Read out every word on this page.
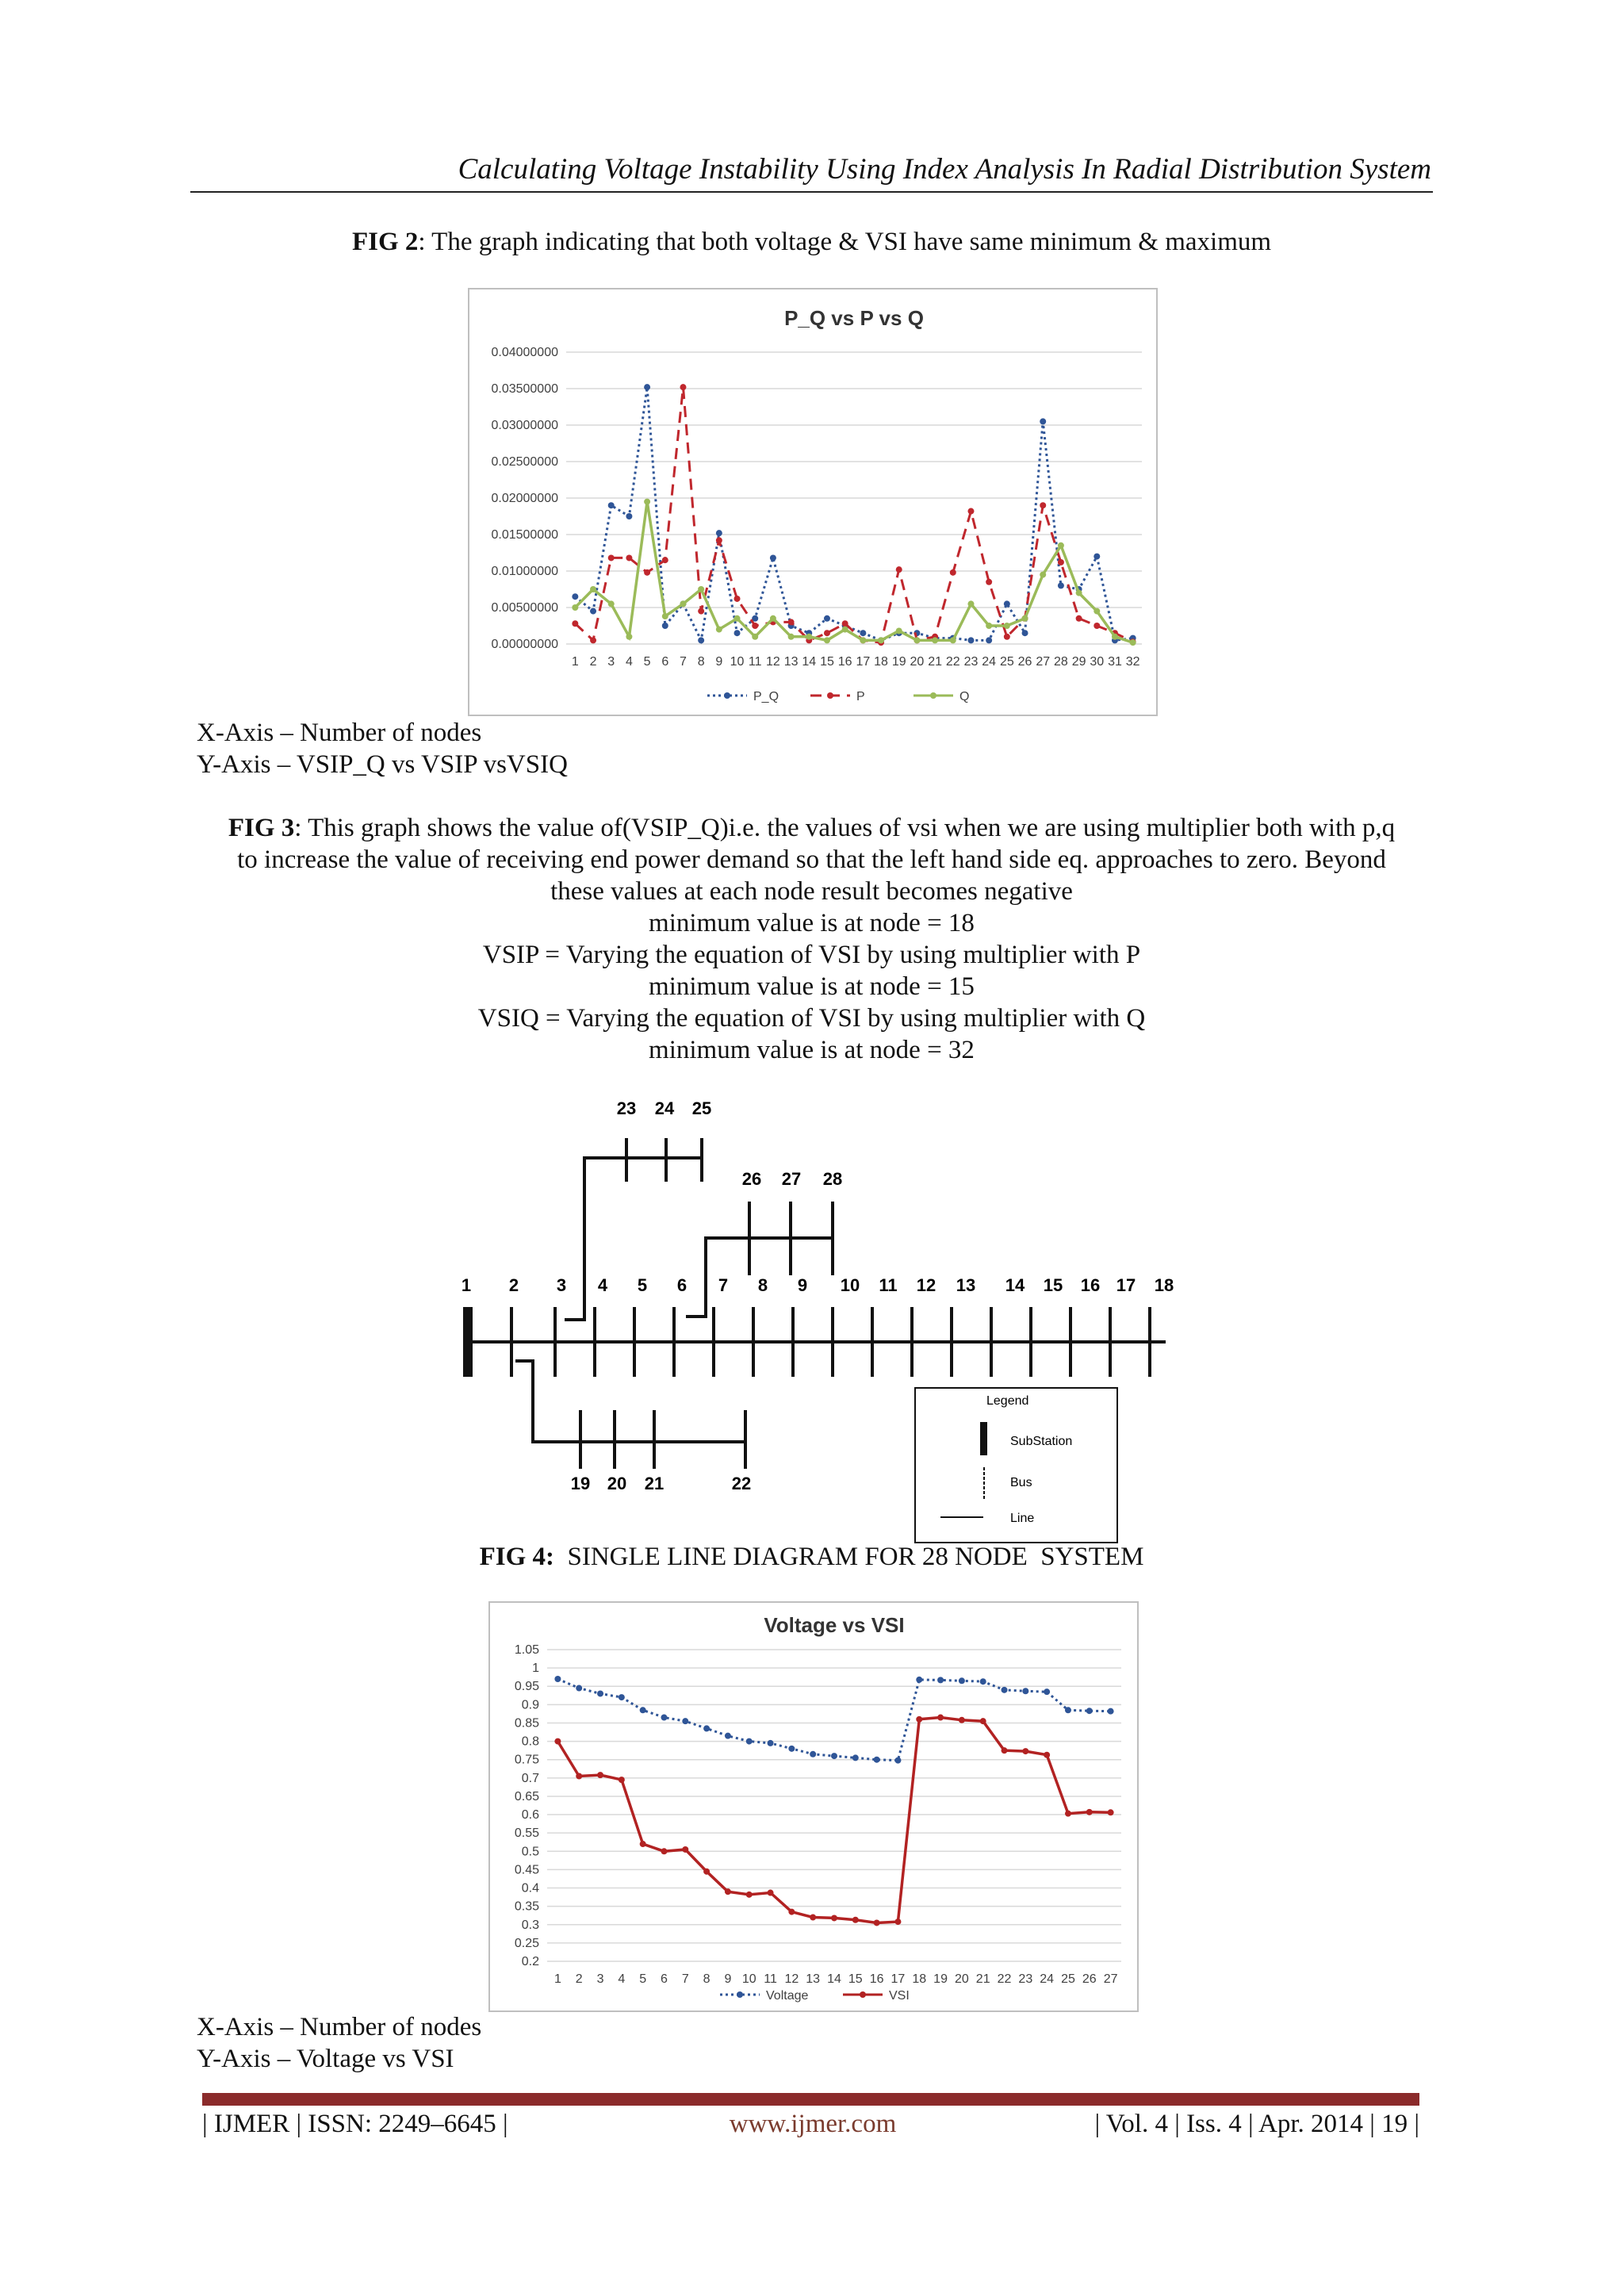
Calculating Voltage Instability Using Index Analysis In Radial Distribution System
FIG 2: The graph indicating that both voltage & VSI have same minimum & maximum
P_Q vs P vs Q
0.00000000
0.00500000
0.01000000
0.01500000
0.02000000
0.02500000
0.03000000
0.03500000
0.04000000
1 2 3 4 5 6 7 8 9 10 11 12 13 14 15 16 17 18 19 20 21 22 23 24 25 26 27 28 29 30 31 32
P_Q	P	Q
X-Axis – Number of nodes
Y-Axis – VSIP_Q vs VSIP vsVSIQ
FIG 3: This graph shows the value of(VSIP_Q)i.e. the values of vsi when we are using multiplier both with p,q
to increase the value of receiving end power demand so that the left hand side eq. approaches to zero. Beyond
these values at each node result becomes negative
minimum value is at node = 18
VSIP = Varying the equation of VSI by using multiplier with P
minimum value is at node = 15
VSIQ = Varying the equation of VSI by using multiplier with Q
minimum value is at node = 32
1 2 3 4 5 6 7 8 9 10 11 12 13 14 15 16 17 18
23 24 25
26 27 28
19 20 21	22
Legend
SubStation
Bus
Line
FIG 4:  SINGLE LINE DIAGRAM FOR 28 NODE  SYSTEM
Voltage vs VSI
0.2
0.25
0.3
0.35
0.4
0.45
0.5
0.55
0.6
0.65
0.7
0.75
0.8
0.85
0.9
0.95
1
1.05
1 2 3 4 5 6 7 8 9 10 11 12 13 14 15 16 17 18 19 20 21 22 23 24 25 26 27
Voltage	VSI
X-Axis – Number of nodes
Y-Axis – Voltage vs VSI
| IJMER | ISSN: 2249–6645 |	www.ijmer.com	| Vol. 4 | Iss. 4 | Apr. 2014 | 19 |
